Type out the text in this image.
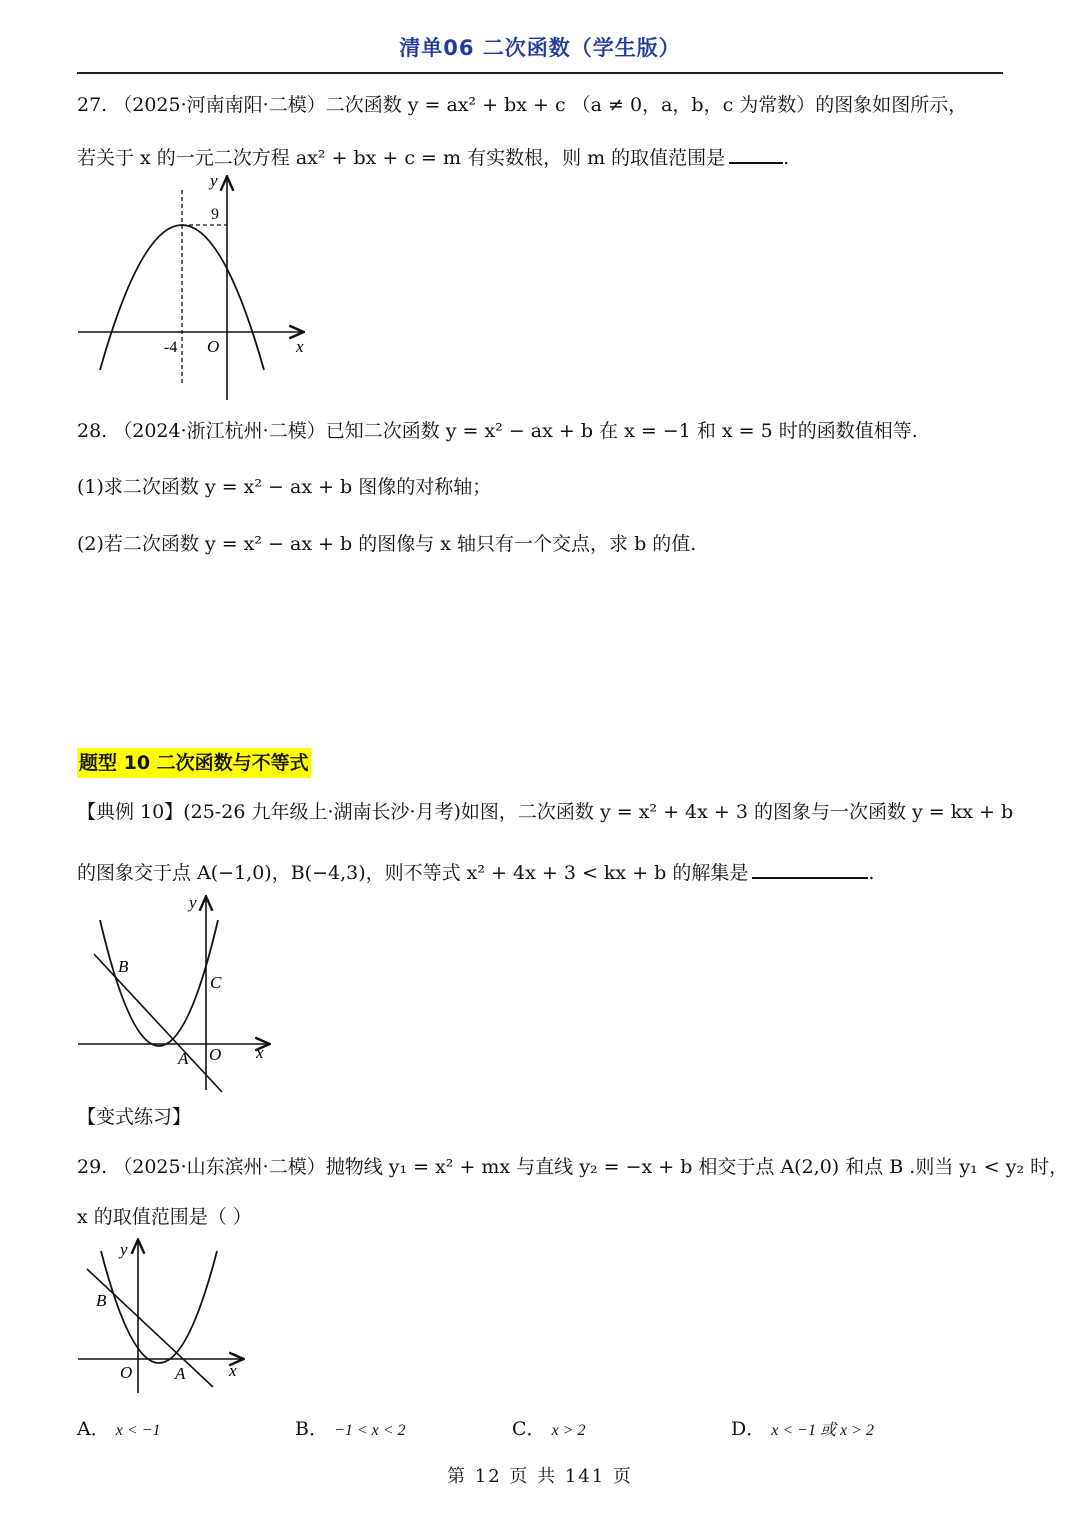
清单06 二次函数（学生版）
27. （2025·河南南阳·二模）二次函数 y = ax² + bx + c （a ≠ 0，a，b，c 为常数）的图象如图所示，
若关于 x 的一元二次方程 ax² + bx + c = m 有实数根，则 m 的取值范围是	.
y
x
O
-4
9
28. （2024·浙江杭州·二模）已知二次函数 y = x² − ax + b 在 x = −1 和 x = 5 时的函数值相等.
(1)求二次函数 y = x² − ax + b 图像的对称轴；
(2)若二次函数 y = x² − ax + b 的图像与 x 轴只有一个交点，求 b 的值.
题型 10 二次函数与不等式
【典例 10】(25-26 九年级上·湖南长沙·月考)如图，二次函数 y = x² + 4x + 3 的图象与一次函数 y = kx + b
的图象交于点 A(−1,0)，B(−4,3)，则不等式 x² + 4x + 3 < kx + b 的解集是	.
y
x
O
A
B
C
【变式练习】
29. （2025·山东滨州·二模）抛物线 y₁ = x² + mx 与直线 y₂ = −x + b 相交于点 A(2,0) 和点 B .则当 y₁ < y₂ 时，
x 的取值范围是（ ）
y
x
O	A
B
A． x < −1	B． −1 < x < 2	C． x > 2	D． x < −1 或 x > 2
第 12 页 共 141 页
